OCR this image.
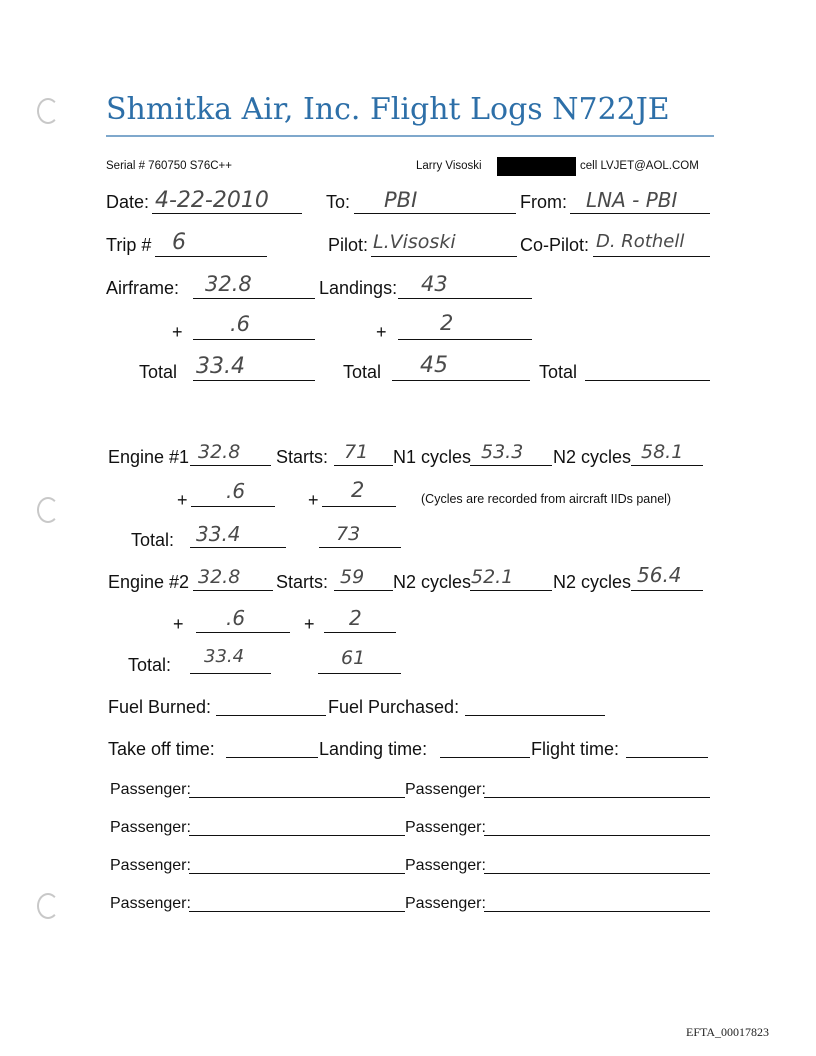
Shmitka Air, Inc. Flight Logs N722JE
Serial # 760750 S76C++	Larry Visoski	cell LVJET@AOL.COM
Date: 4-22-2010	To: PBI	From: LNA - PBI
Trip # 6	Pilot: L.Visoski	Co-Pilot: D. Rothell
Airframe: 32.8	Landings: 43
+ .6	+	2
Total 33.4	Total 45	Total
Engine #1 32.8 Starts: 71 N1 cycles 53.3 N2 cycles 58.1
+ .6	+ 2	(Cycles are recorded from aircraft IIDs panel)
Total: 33.4	73
Engine #2 32.8 Starts: 59 N2 cycles 52.1 N2 cycles 56.4
+ .6	+ 2
Total: 33.4	61
Fuel Burned:	Fuel Purchased:
Take off time:	Landing time:	Flight time:
Passenger:	Passenger:
Passenger:	Passenger:
Passenger:	Passenger:
Passenger:	Passenger:
EFTA_00017823
